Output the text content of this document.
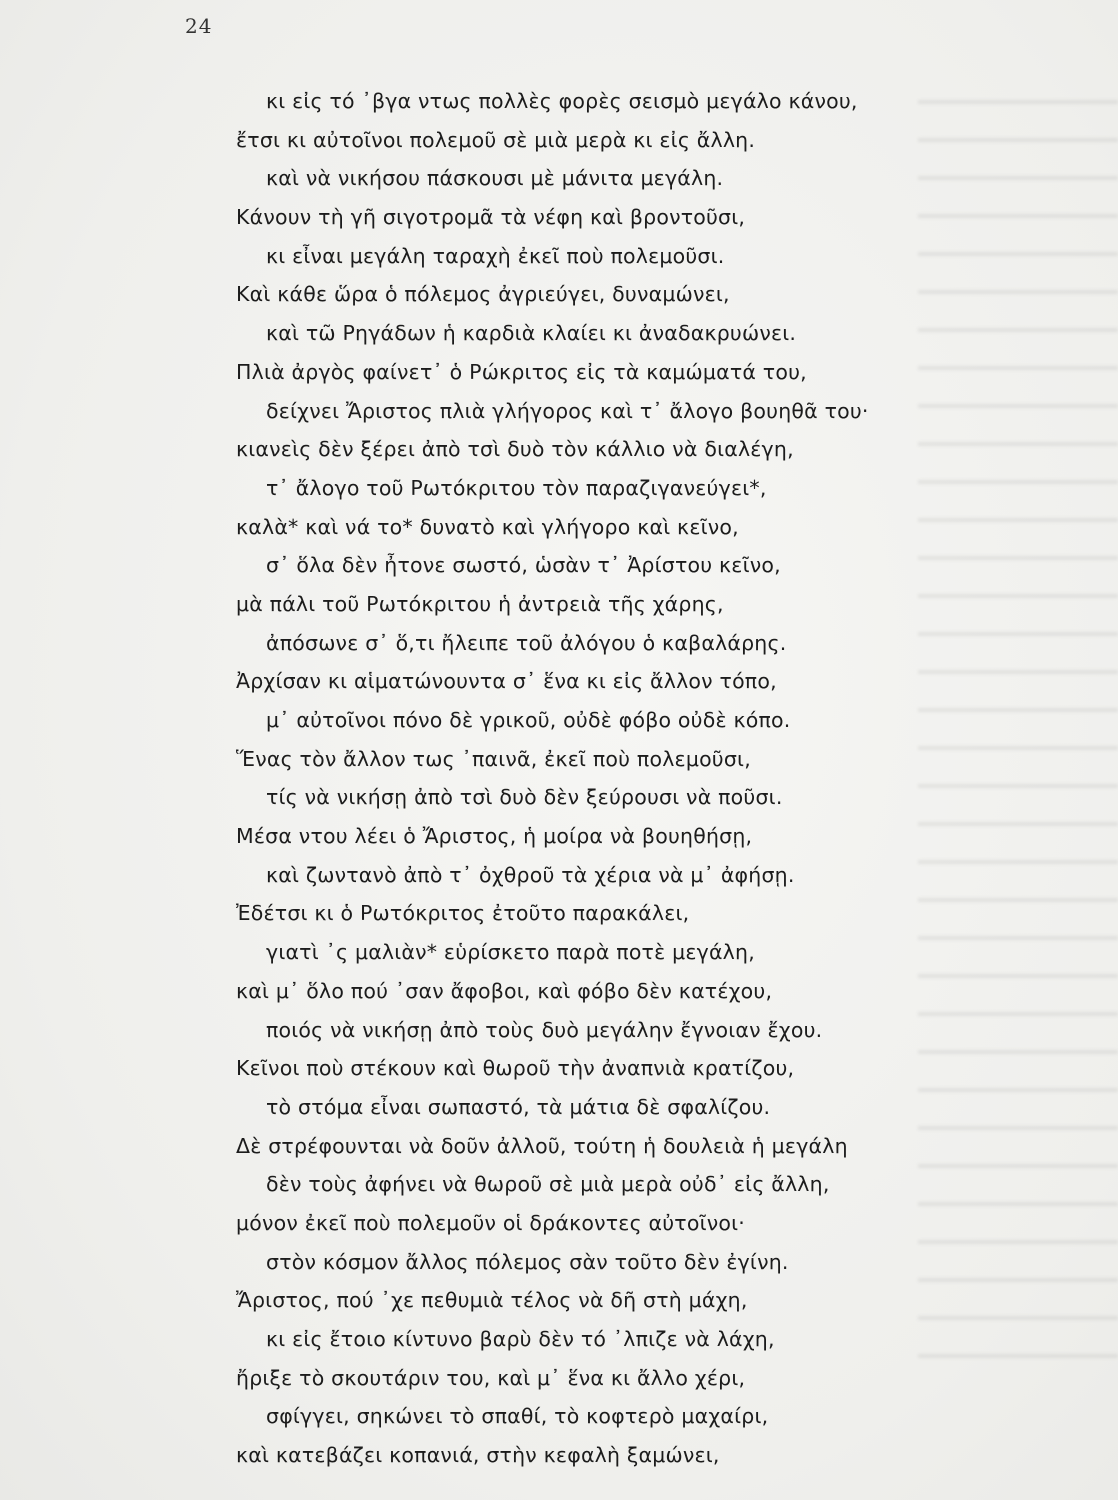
24
κι εἰς τό ᾿βγα ντως πολλὲς φορὲς σεισμὸ μεγάλο κάνου,
ἔτσι κι αὐτοῖνοι πολεμοῦ σὲ μιὰ μερὰ κι εἰς ἄλλη.
καὶ νὰ νικήσου πάσκουσι μὲ μάνιτα μεγάλη.
Κάνουν τὴ γῆ σιγοτρομᾶ τὰ νέφη καὶ βροντοῦσι,
κι εἶναι μεγάλη ταραχὴ ἐκεῖ ποὺ πολεμοῦσι.
Καὶ κάθε ὥρα ὁ πόλεμος ἀγριεύγει, δυναμώνει,
καὶ τῶ Ρηγάδων ἡ καρδιὰ κλαίει κι ἀναδακρυώνει.
Πλιὰ ἀργὸς φαίνετ᾿ ὁ Ρώκριτος εἰς τὰ καμώματά του,
δείχνει Ἄριστος πλιὰ γλήγορος καὶ τ᾿ ἄλογο βουηθᾶ του·
κιανεὶς δὲν ξέρει ἀπὸ τσὶ δυὸ τὸν κάλλιο νὰ διαλέγη,
τ᾿ ἄλογο τοῦ Ρωτόκριτου τὸν παραζιγανεύγει*,
καλὰ* καὶ νά το* δυνατὸ καὶ γλήγορο καὶ κεῖνο,
σ᾿ ὅλα δὲν ἦτονε σωστό, ὡσὰν τ᾿ Ἀρίστου κεῖνο,
μὰ πάλι τοῦ Ρωτόκριτου ἡ ἀντρειὰ τῆς χάρης,
ἀπόσωνε σ᾿ ὅ,τι ἤλειπε τοῦ ἀλόγου ὁ καβαλάρης.
Ἀρχίσαν κι αἱματώνουντα σ᾿ ἕνα κι εἰς ἄλλον τόπο,
μ᾿ αὐτοῖνοι πόνο δὲ γρικοῦ, οὐδὲ φόβο οὐδὲ κόπο.
Ἕνας τὸν ἄλλον τως ᾿παινᾶ, ἐκεῖ ποὺ πολεμοῦσι,
τίς νὰ νικήσῃ ἀπὸ τσὶ δυὸ δὲν ξεύρουσι νὰ ποῦσι.
Μέσα ντου λέει ὁ Ἄριστος, ἡ μοίρα νὰ βουηθήσῃ,
καὶ ζωντανὸ ἀπὸ τ᾿ ὀχθροῦ τὰ χέρια νὰ μ᾿ ἀφήσῃ.
Ἐδέτσι κι ὁ Ρωτόκριτος ἐτοῦτο παρακάλει,
γιατὶ ᾿ς μαλιὰν* εὑρίσκετο παρὰ ποτὲ μεγάλη,
καὶ μ᾿ ὅλο πού ᾿σαν ἄφοβοι, καὶ φόβο δὲν κατέχου,
ποιός νὰ νικήσῃ ἀπὸ τοὺς δυὸ μεγάλην ἔγνοιαν ἔχου.
Κεῖνοι ποὺ στέκουν καὶ θωροῦ τὴν ἀναπνιὰ κρατίζου,
τὸ στόμα εἶναι σωπαστό, τὰ μάτια δὲ σφαλίζου.
Δὲ στρέφουνται νὰ δοῦν ἀλλοῦ, τούτη ἡ δουλειὰ ἡ μεγάλη
δὲν τοὺς ἀφήνει νὰ θωροῦ σὲ μιὰ μερὰ οὐδ᾿ εἰς ἄλλη,
μόνον ἐκεῖ ποὺ πολεμοῦν οἱ δράκοντες αὐτοῖνοι·
στὸν κόσμον ἄλλος πόλεμος σὰν τοῦτο δὲν ἐγίνη.
Ἄριστος, πού ᾿χε πεθυμιὰ τέλος νὰ δῆ στὴ μάχη,
κι εἰς ἔτοιο κίντυνο βαρὺ δὲν τό ᾿λπιζε νὰ λάχη,
ἤριξε τὸ σκουτάριν του, καὶ μ᾿ ἕνα κι ἄλλο χέρι,
σφίγγει, σηκώνει τὸ σπαθί, τὸ κοφτερὸ μαχαίρι,
καὶ κατεβάζει κοπανιά, στὴν κεφαλὴ ξαμώνει,
